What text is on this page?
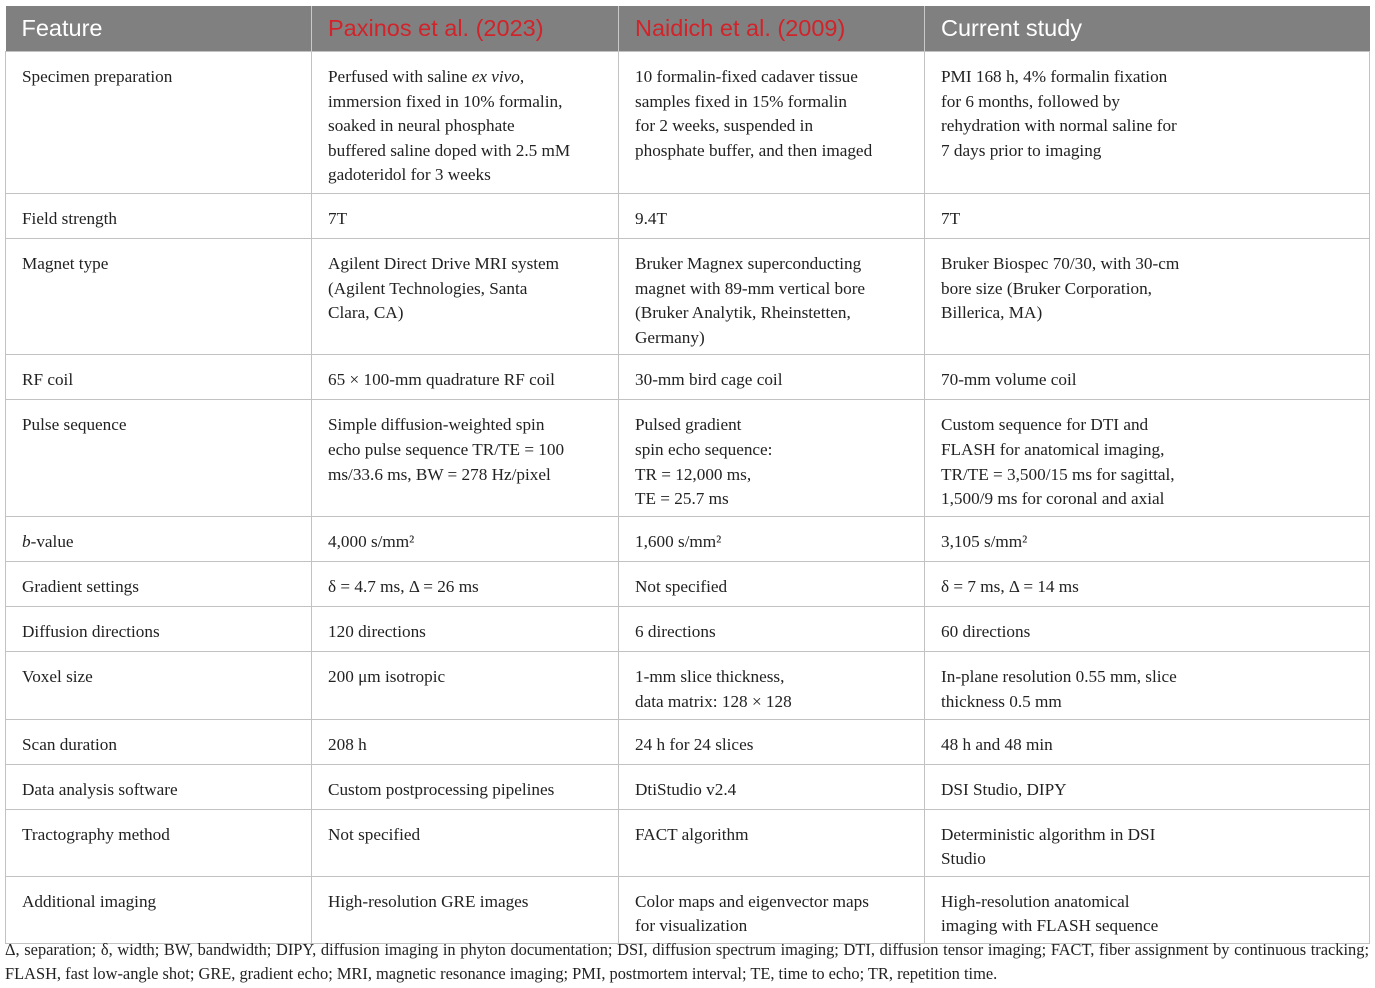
Feature	Paxinos et al. (2023)	Naidich et al. (2009)	Current study
Specimen preparation	Perfused with saline ex vivo,
immersion fixed in 10% formalin,
soaked in neural phosphate
buffered saline doped with 2.5 mM
gadoteridol for 3 weeks	10 formalin-fixed cadaver tissue
samples fixed in 15% formalin
for 2 weeks, suspended in
phosphate buffer, and then imaged	PMI 168 h, 4% formalin fixation
for 6 months, followed by
rehydration with normal saline for
7 days prior to imaging
Field strength	7T	9.4T	7T
Magnet type	Agilent Direct Drive MRI system
(Agilent Technologies, Santa
Clara, CA)	Bruker Magnex superconducting
magnet with 89-mm vertical bore
(Bruker Analytik, Rheinstetten,
Germany)	Bruker Biospec 70/30, with 30-cm
bore size (Bruker Corporation,
Billerica, MA)
RF coil	65 × 100-mm quadrature RF coil	30-mm bird cage coil	70-mm volume coil
Pulse sequence	Simple diffusion-weighted spin
echo pulse sequence TR/TE = 100
ms/33.6 ms, BW = 278 Hz/pixel	Pulsed gradient
spin echo sequence:
TR = 12,000 ms,
TE = 25.7 ms	Custom sequence for DTI and
FLASH for anatomical imaging,
TR/TE = 3,500/15 ms for sagittal,
1,500/9 ms for coronal and axial
b-value	4,000 s/mm²	1,600 s/mm²	3,105 s/mm²
Gradient settings	δ = 4.7 ms, Δ = 26 ms	Not specified	δ = 7 ms, Δ = 14 ms
Diffusion directions	120 directions	6 directions	60 directions
Voxel size	200 μm isotropic	1-mm slice thickness,
data matrix: 128 × 128	In-plane resolution 0.55 mm, slice
thickness 0.5 mm
Scan duration	208 h	24 h for 24 slices	48 h and 48 min
Data analysis software	Custom postprocessing pipelines	DtiStudio v2.4	DSI Studio, DIPY
Tractography method	Not specified	FACT algorithm	Deterministic algorithm in DSI
Studio
Additional imaging	High-resolution GRE images	Color maps and eigenvector maps
for visualization	High-resolution anatomical
imaging with FLASH sequence
Δ, separation; δ, width; BW, bandwidth; DIPY, diffusion imaging in phyton documentation; DSI, diffusion spectrum imaging; DTI, diffusion tensor imaging; FACT, fiber assignment by continuous tracking; FLASH, fast low-angle shot; GRE, gradient echo; MRI, magnetic resonance imaging; PMI, postmortem interval; TE, time to echo; TR, repetition time.
